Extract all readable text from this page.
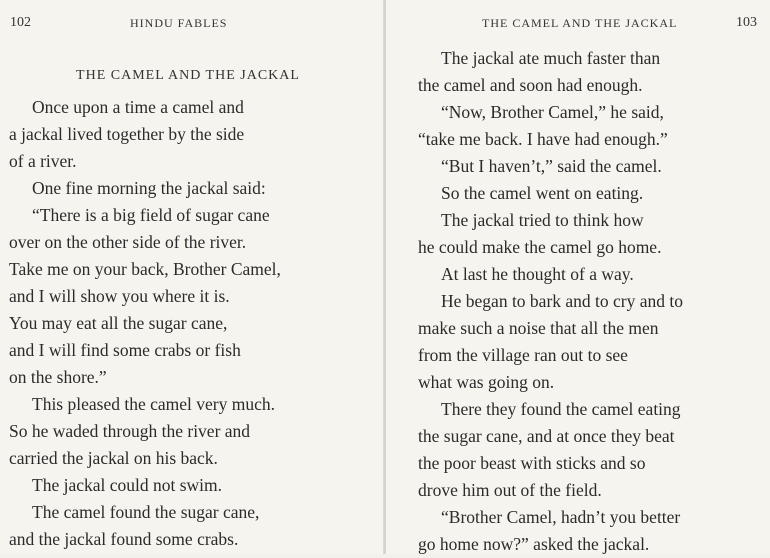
102	HINDU FABLES
THE CAMEL AND THE JACKAL
Once upon a time a camel and
a jackal lived together by the side
of a river.
One fine morning the jackal said:
“There is a big field of sugar cane
over on the other side of the river.
Take me on your back, Brother Camel,
and I will show you where it is.
You may eat all the sugar cane,
and I will find some crabs or fish
on the shore.”
This pleased the camel very much.
So he waded through the river and
carried the jackal on his back.
The jackal could not swim.
The camel found the sugar cane,
and the jackal found some crabs.
THE CAMEL AND THE JACKAL	103
The jackal ate much faster than
the camel and soon had enough.
“Now, Brother Camel,” he said,
“take me back. I have had enough.”
“But I haven’t,” said the camel.
So the camel went on eating.
The jackal tried to think how
he could make the camel go home.
At last he thought of a way.
He began to bark and to cry and to
make such a noise that all the men
from the village ran out to see
what was going on.
There they found the camel eating
the sugar cane, and at once they beat
the poor beast with sticks and so
drove him out of the field.
“Brother Camel, hadn’t you better
go home now?” asked the jackal.
